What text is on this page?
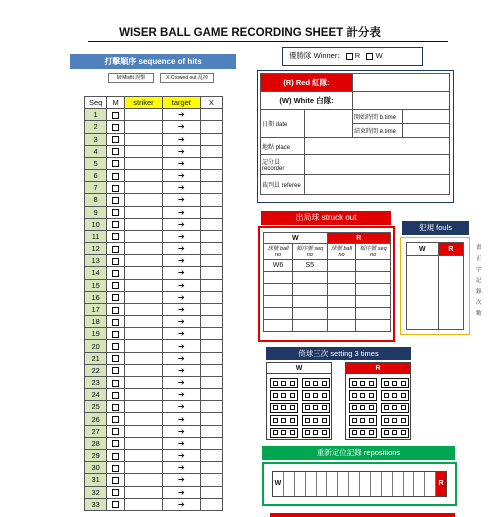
WISER BALL GAME RECORDING SHEET 計分表
打擊順序 sequence of hits
M:Misfit 誤擊	X:Crowed out 乱掉
Seq	M	striker	target	X
1			➔	
2			➔	
3			➔	
4			➔	
5			➔	
6			➔	
7			➔	
8			➔	
9			➔	
10			➔	
11			➔	
12			➔	
13			➔	
14			➔	
15			➔	
16			➔	
17			➔	
18			➔	
19			➔	
20			➔	
21			➔	
22			➔	
23			➔	
24			➔	
25			➔	
26			➔	
27			➔	
28			➔	
29			➔	
30			➔	
31			➔	
32			➔	
33			➔	
優勝隊 Winner: R W
(R) Red 紅隊:			
(W) White 白隊:			
日期 date		開始時間 b.time	
		結束時間 e.time	
地點 place			
記分員 recorder			
裁判員 referee			
出局球 struck out
W		R	
球號 ball no	順序號 seq no	球號 ball no	順序號 seq no
W6	S5		

犯規 fouls
W	R
		畫正字記錄次數
倚球三次 setting 3 times
W	R
重新定位記錄 repositions
W	R
